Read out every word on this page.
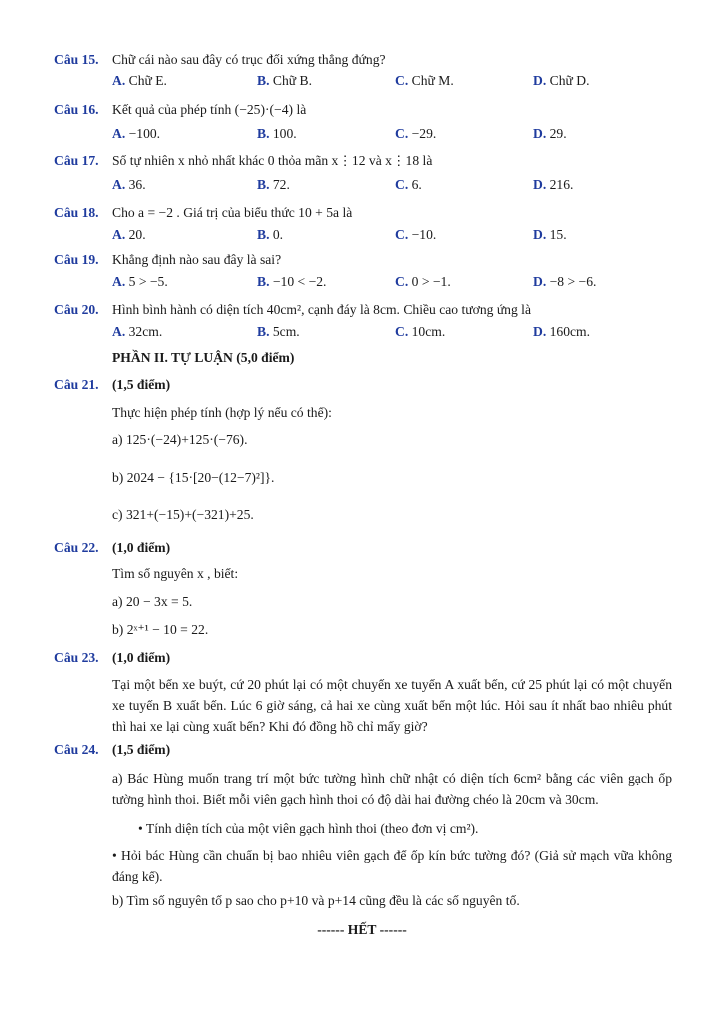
Câu 15. Chữ cái nào sau đây có trục đối xứng thẳng đứng?
A. Chữ E.	B. Chữ B.	C. Chữ M.	D. Chữ D.
Câu 16. Kết quả của phép tính (−25)·(−4) là
A. −100.	B. 100.	C. −29.	D. 29.
Câu 17. Số tự nhiên x nhỏ nhất khác 0 thỏa mãn x⋮12 và x⋮18 là
A. 36.	B. 72.	C. 6.	D. 216.
Câu 18. Cho a = −2 . Giá trị của biểu thức 10 + 5a là
A. 20.	B. 0.	C. −10.	D. 15.
Câu 19. Khẳng định nào sau đây là sai?
A. 5 > −5.	B. −10 < −2.	C. 0 > −1.	D. −8 > −6.
Câu 20. Hình bình hành có diện tích 40cm², cạnh đáy là 8cm. Chiều cao tương ứng là
A. 32cm.	B. 5cm.	C. 10cm.	D. 160cm.
PHẦN II. TỰ LUẬN (5,0 điểm)
Câu 21. (1,5 điểm)
Thực hiện phép tính (hợp lý nếu có thể):
a) 125·(−24)+125·(−76).
b) 2024 − {15·[20−(12−7)²]}.
c) 321+(−15)+(−321)+25.
Câu 22. (1,0 điểm)
Tìm số nguyên x , biết:
a) 20 − 3x = 5.
b) 2ˣ⁺¹ − 10 = 22.
Câu 23. (1,0 điểm)
Tại một bến xe buýt, cứ 20 phút lại có một chuyến xe tuyến A xuất bến, cứ 25 phút lại có một chuyến xe tuyến B xuất bến. Lúc 6 giờ sáng, cả hai xe cùng xuất bến một lúc. Hỏi sau ít nhất bao nhiêu phút thì hai xe lại cùng xuất bến? Khi đó đồng hồ chỉ mấy giờ?
Câu 24. (1,5 điểm)
a) Bác Hùng muốn trang trí một bức tường hình chữ nhật có diện tích 6cm² bằng các viên gạch ốp tường hình thoi. Biết mỗi viên gạch hình thoi có độ dài hai đường chéo là 20cm và 30cm.
• Tính diện tích của một viên gạch hình thoi (theo đơn vị cm²).
• Hỏi bác Hùng cần chuẩn bị bao nhiêu viên gạch để ốp kín bức tường đó? (Giả sử mạch vữa không đáng kể).
b) Tìm số nguyên tố p sao cho p+10 và p+14 cũng đều là các số nguyên tố.
------ HẾT ------
